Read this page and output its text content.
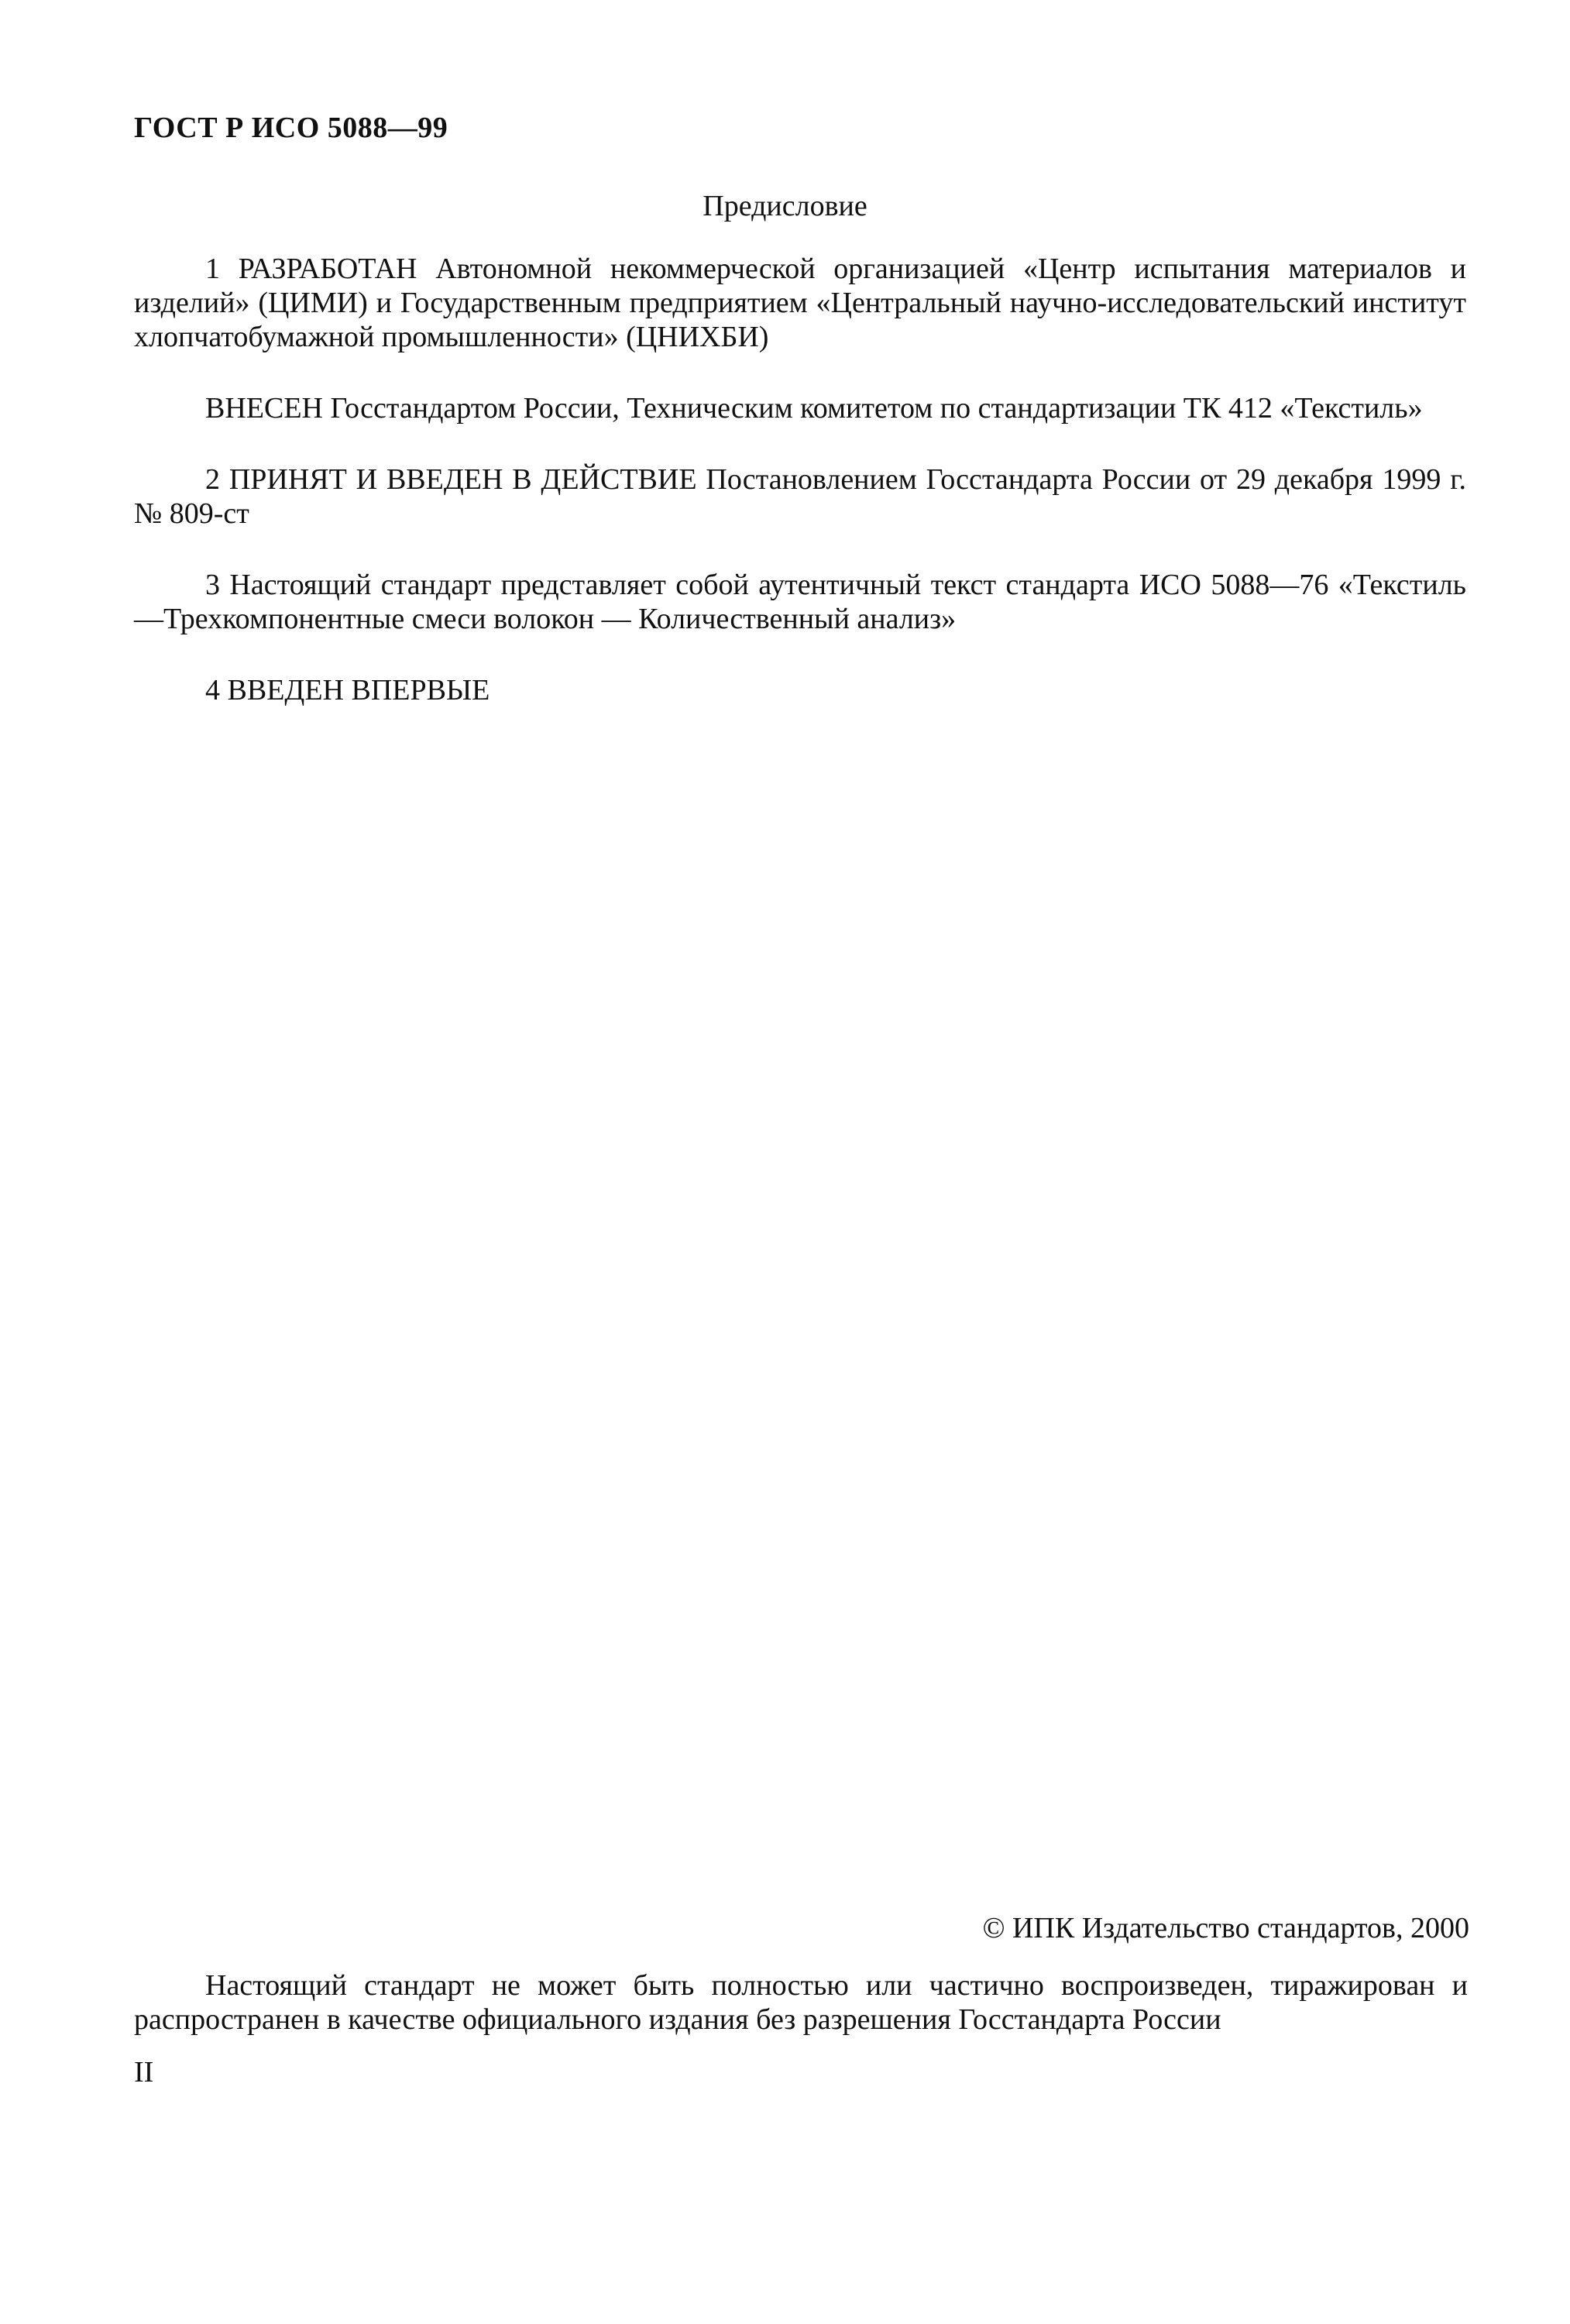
ГОСТ Р ИСО 5088—99
Предисловие

1 РАЗРАБОТАН Автономной некоммерческой организацией «Центр испытания материалов и изделий» (ЦИМИ) и Государственным предприятием «Центральный научно-исследовательский институт хлопчатобумажной промышленности» (ЦНИХБИ)

ВНЕСЕН Госстандартом России, Техническим комитетом по стандартизации ТК 412 «Текстиль»

2 ПРИНЯТ И ВВЕДЕН В ДЕЙСТВИЕ Постановлением Госстандарта России от 29 декабря 1999 г. № 809-ст

3 Настоящий стандарт представляет собой аутентичный текст стандарта ИСО 5088—76 «Текстиль —Трехкомпонентные смеси волокон — Количественный анализ»

4 ВВЕДЕН ВПЕРВЫЕ

© ИПК Издательство стандартов, 2000

Настоящий стандарт не может быть полностью или частично воспроизведен, тиражирован и распространен в качестве официального издания без разрешения Госстандарта России

II
